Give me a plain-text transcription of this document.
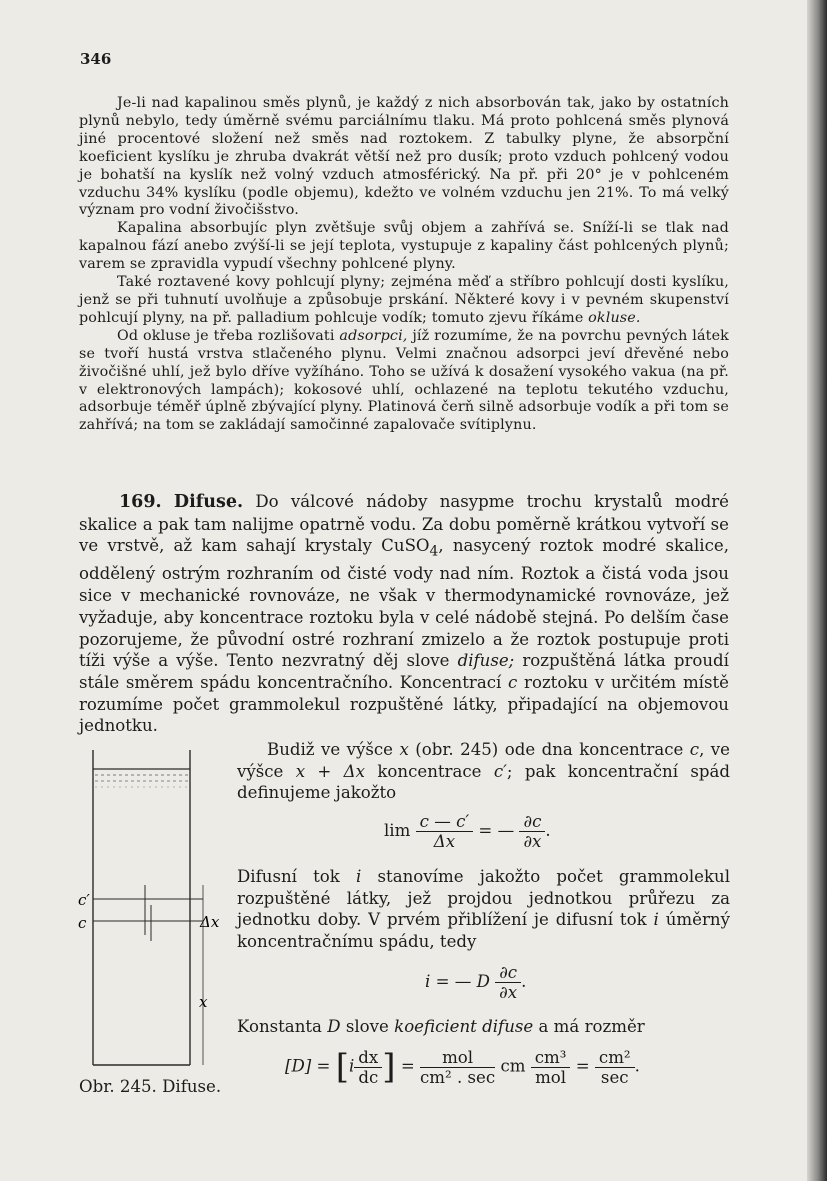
346

Je-li nad kapalinou směs plynů, je každý z nich absorbován tak, jako by ostatních plynů nebylo, tedy úměrně svému parciálnímu tlaku. Má proto pohlcená směs plynová jiné procentové složení než směs nad roztokem. Z tabulky plyne, že absorpční koeficient kyslíku je zhruba dvakrát větší než pro dusík; proto vzduch pohlcený vodou je bohatší na kyslík než volný vzduch atmosférický. Na př. při 20° je v pohlceném vzduchu 34% kyslíku (podle objemu), kdežto ve volném vzduchu jen 21%. To má velký význam pro vodní živočišstvo.

Kapalina absorbujíc plyn zvětšuje svůj objem a zahřívá se. Sníží-li se tlak nad kapalnou fází anebo zvýší-li se její teplota, vystupuje z kapaliny část pohlcených plynů; varem se zpravidla vypudí všechny pohlcené plyny.

Také roztavené kovy pohlcují plyny; zejména měď a stříbro pohlcují dosti kyslíku, jenž se při tuhnutí uvolňuje a způsobuje prskání. Některé kovy i v pevném skupenství pohlcují plyny, na př. palladium pohlcuje vodík; tomuto zjevu říkáme okluse.

Od okluse je třeba rozlišovati adsorpci, jíž rozumíme, že na povrchu pevných látek se tvoří hustá vrstva stlačeného plynu. Velmi značnou adsorpci jeví dřevěné nebo živočišné uhlí, jež bylo dříve vyžíháno. Toho se užívá k dosažení vysokého vakua (na př. v elektronových lampách); kokosové uhlí, ochlazené na teplotu tekutého vzduchu, adsorbuje téměř úplně zbývající plyny. Platinová čerň silně adsorbuje vodík a při tom se zahřívá; na tom se zakládají samočinné zapalovače svítiplynu.

169. Difuse. Do válcové nádoby nasypme trochu krystalů modré skalice a pak tam nalijme opatrně vodu. Za dobu poměrně krátkou vytvoří se ve vrstvě, až kam sahají krystaly CuSO$_4$, nasycený roztok modré skalice, oddělený ostrým rozhraním od čisté vody nad ním. Roztok a čistá voda jsou sice v mechanické rovnováze, ne však v thermodynamické rovnováze, jež vyžaduje, aby koncentrace roztoku byla v celé nádobě stejná. Po delším čase pozorujeme, že původní ostré rozhraní zmizelo a že roztok postupuje proti tíži výše a výše. Tento nezvratný děj slove difuse; rozpuštěná látka proudí stále směrem spádu koncentračního. Koncentrací c roztoku v určitém místě rozumíme počet grammolekul rozpuštěné látky, připadající na objemovou jednotku.

Budiž ve výšce x (obr. 245) ode dna koncentrace c, ve výšce x + Δx koncentrace c′; pak koncentrační spád definujeme jakožto

$\lim \frac{c — c'}{\Delta x}$ = — $\frac{\partial c}{\partial x}$ .

Difusní tok i stanovíme jakožto počet grammolekul rozpuštěné látky, jež projdou jednotkou průřezu za jednotku doby. V prvém přiblížení je difusní tok i úměrný koncentračnímu spádu, tedy

i = — D $\frac{\partial c}{\partial x}$ .

Konstanta D slove koeficient difuse a má rozměr

$[D] = [i \frac{dx}{dc}$ ] = $\frac{\text{mol}}{\text{cm² . sec}}$ cm $\frac{\text{cm³}}{\text{mol}} = \frac{\text{cm²}}{\sec}$ .
c′
c	Δx
x
Obr. 245. Difuse.
